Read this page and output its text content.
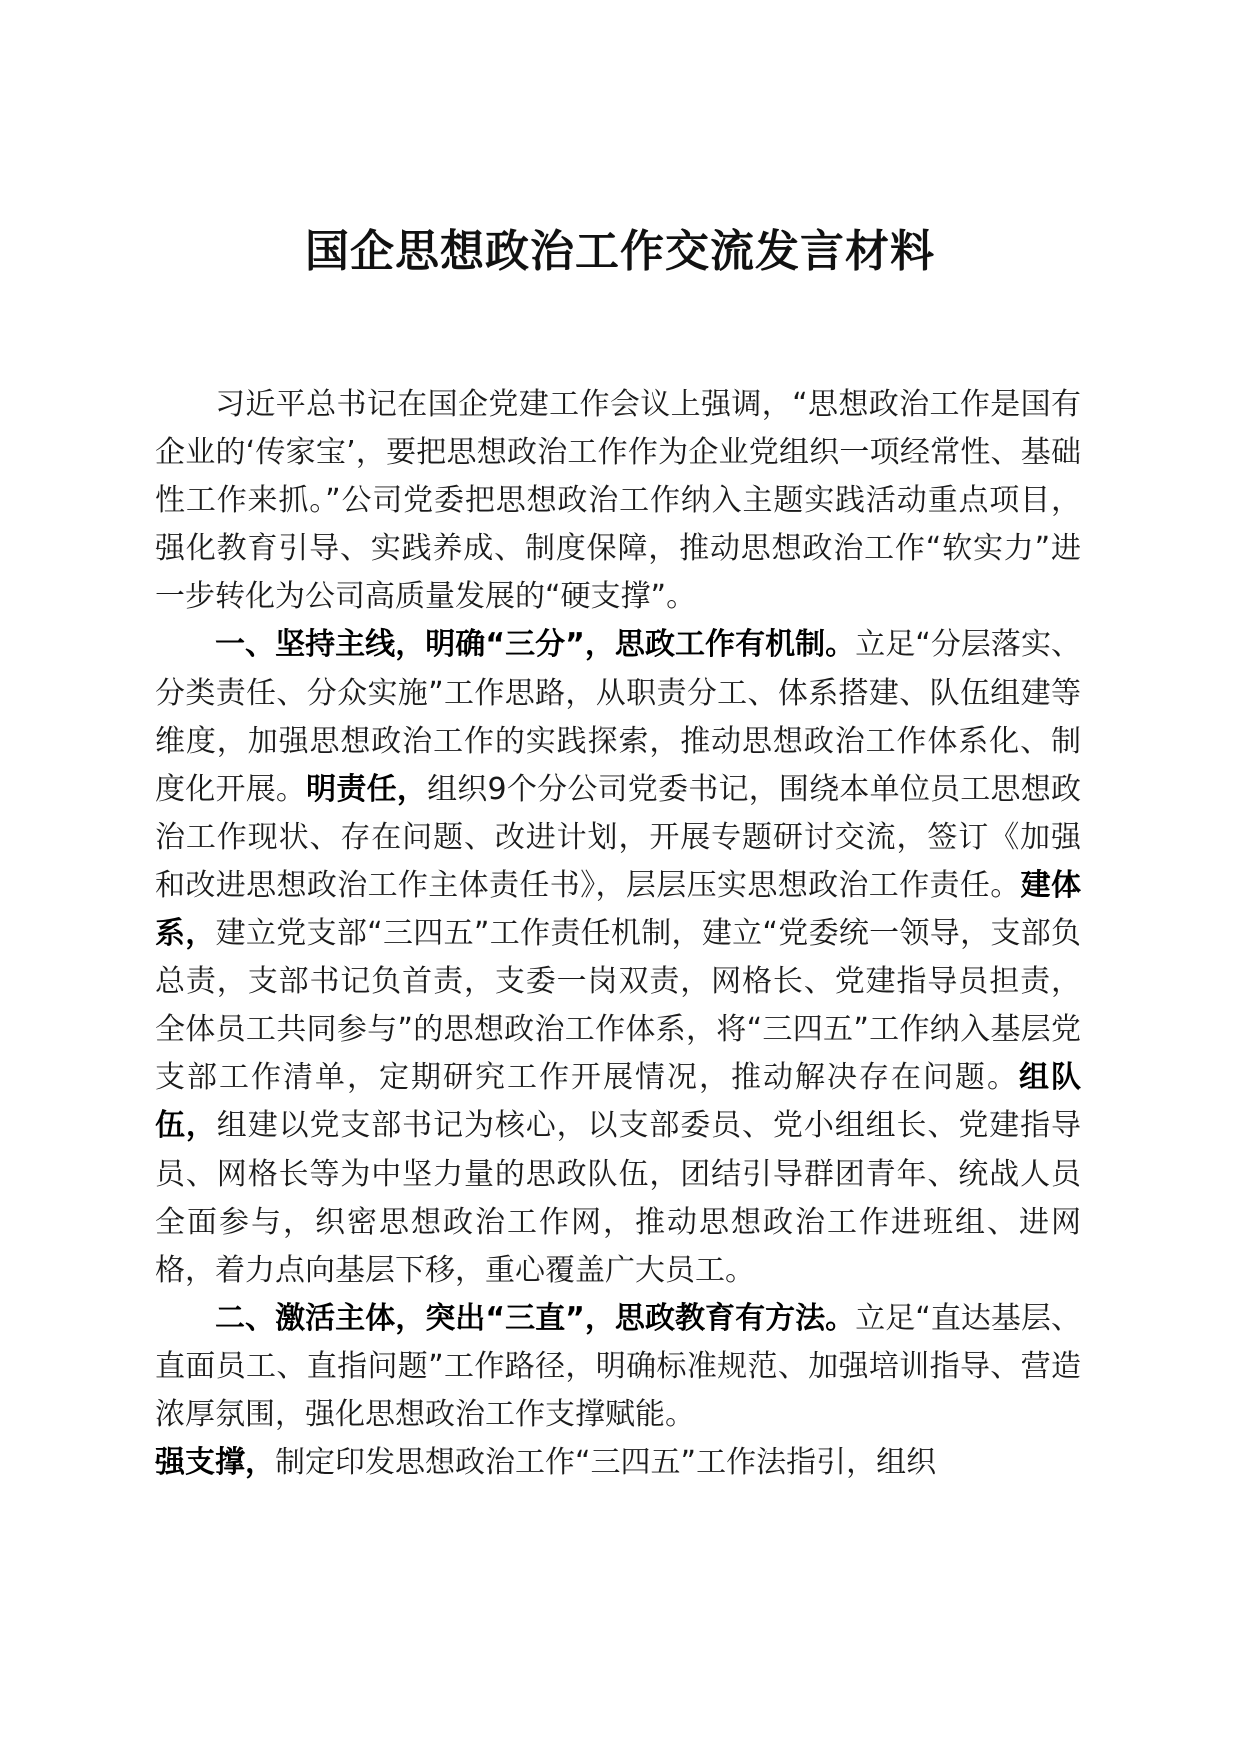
国企思想政治工作交流发言材料

习近平总书记在国企党建工作会议上强调，“思想政治工作是国有企业的‘传家宝’，要把思想政治工作作为企业党组织一项经常性、基础性工作来抓。”公司党委把思想政治工作纳入主题实践活动重点项目，强化教育引导、实践养成、制度保障，推动思想政治工作“软实力”进一步转化为公司高质量发展的“硬支撑”。

一、坚持主线，明确“三分”，思政工作有机制。立足“分层落实、分类责任、分众实施”工作思路，从职责分工、体系搭建、队伍组建等维度，加强思想政治工作的实践探索，推动思想政治工作体系化、制度化开展。明责任，组织9个分公司党委书记，围绕本单位员工思想政治工作现状、存在问题、改进计划，开展专题研讨交流，签订《加强和改进思想政治工作主体责任书》，层层压实思想政治工作责任。建体系，建立党支部“三四五”工作责任机制，建立“党委统一领导，支部负总责，支部书记负首责，支委一岗双责，网格长、党建指导员担责，全体员工共同参与”的思想政治工作体系，将“三四五”工作纳入基层党支部工作清单，定期研究工作开展情况，推动解决存在问题。组队伍，组建以党支部书记为核心，以支部委员、党小组组长、党建指导员、网格长等为中坚力量的思政队伍，团结引导群团青年、统战人员全面参与，织密思想政治工作网，推动思想政治工作进班组、进网格，着力点向基层下移，重心覆盖广大员工。

二、激活主体，突出“三直”，思政教育有方法。立足“直达基层、直面员工、直指问题”工作路径，明确标准规范、加强培训指导、营造浓厚氛围，强化思想政治工作支撑赋能。
强支撑，制定印发思想政治工作“三四五”工作法指引，组织
